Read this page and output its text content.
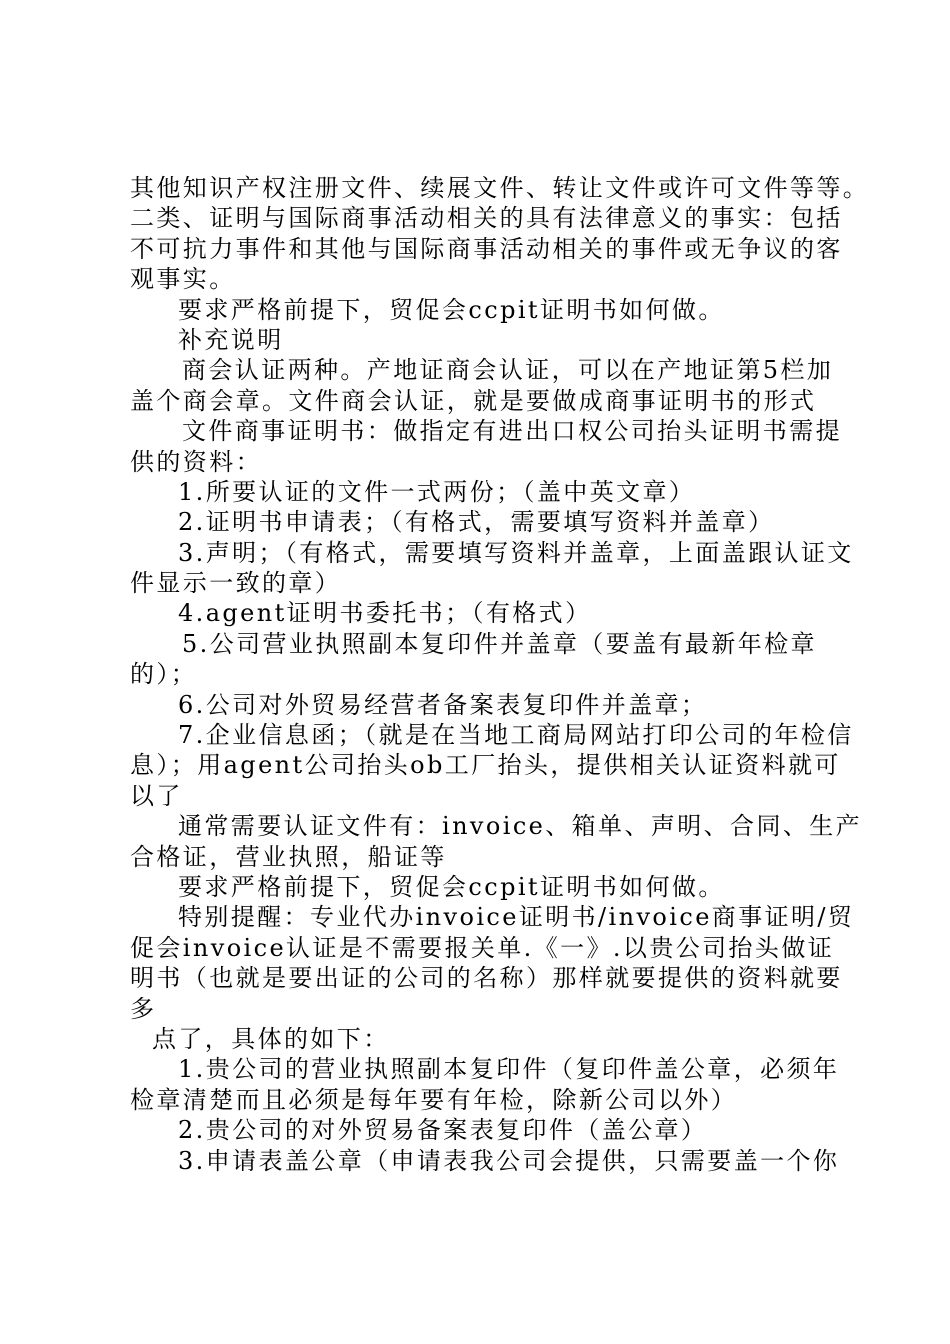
其他知识产权注册文件、续展文件、转让文件或许可文件等等。
二类、证明与国际商事活动相关的具有法律意义的事实：包括
不可抗力事件和其他与国际商事活动相关的事件或无争议的客
观事实。
要求严格前提下，贸促会ccpit证明书如何做。
补充说明
商会认证两种。产地证商会认证，可以在产地证第5栏加
盖个商会章。文件商会认证，就是要做成商事证明书的形式
文件商事证明书：做指定有进出口权公司抬头证明书需提
供的资料：
1.所要认证的文件一式两份；（盖中英文章）
2.证明书申请表；（有格式，需要填写资料并盖章）
3.声明；（有格式，需要填写资料并盖章，上面盖跟认证文
件显示一致的章）
4.agent证明书委托书；（有格式）
5.公司营业执照副本复印件并盖章（要盖有最新年检章
的）；
6.公司对外贸易经营者备案表复印件并盖章；
7.企业信息函；（就是在当地工商局网站打印公司的年检信
息）；用agent公司抬头ob工厂抬头，提供相关认证资料就可
以了
通常需要认证文件有：invoice、箱单、声明、合同、生产
合格证，营业执照，船证等
要求严格前提下，贸促会ccpit证明书如何做。
特别提醒：专业代办invoice证明书/invoice商事证明/贸
促会invoice认证是不需要报关单.《一》.以贵公司抬头做证
明书（也就是要出证的公司的名称）那样就要提供的资料就要
多
点了，具体的如下：
1.贵公司的营业执照副本复印件（复印件盖公章，必须年
检章清楚而且必须是每年要有年检，除新公司以外）
2.贵公司的对外贸易备案表复印件（盖公章）
3.申请表盖公章（申请表我公司会提供，只需要盖一个你
